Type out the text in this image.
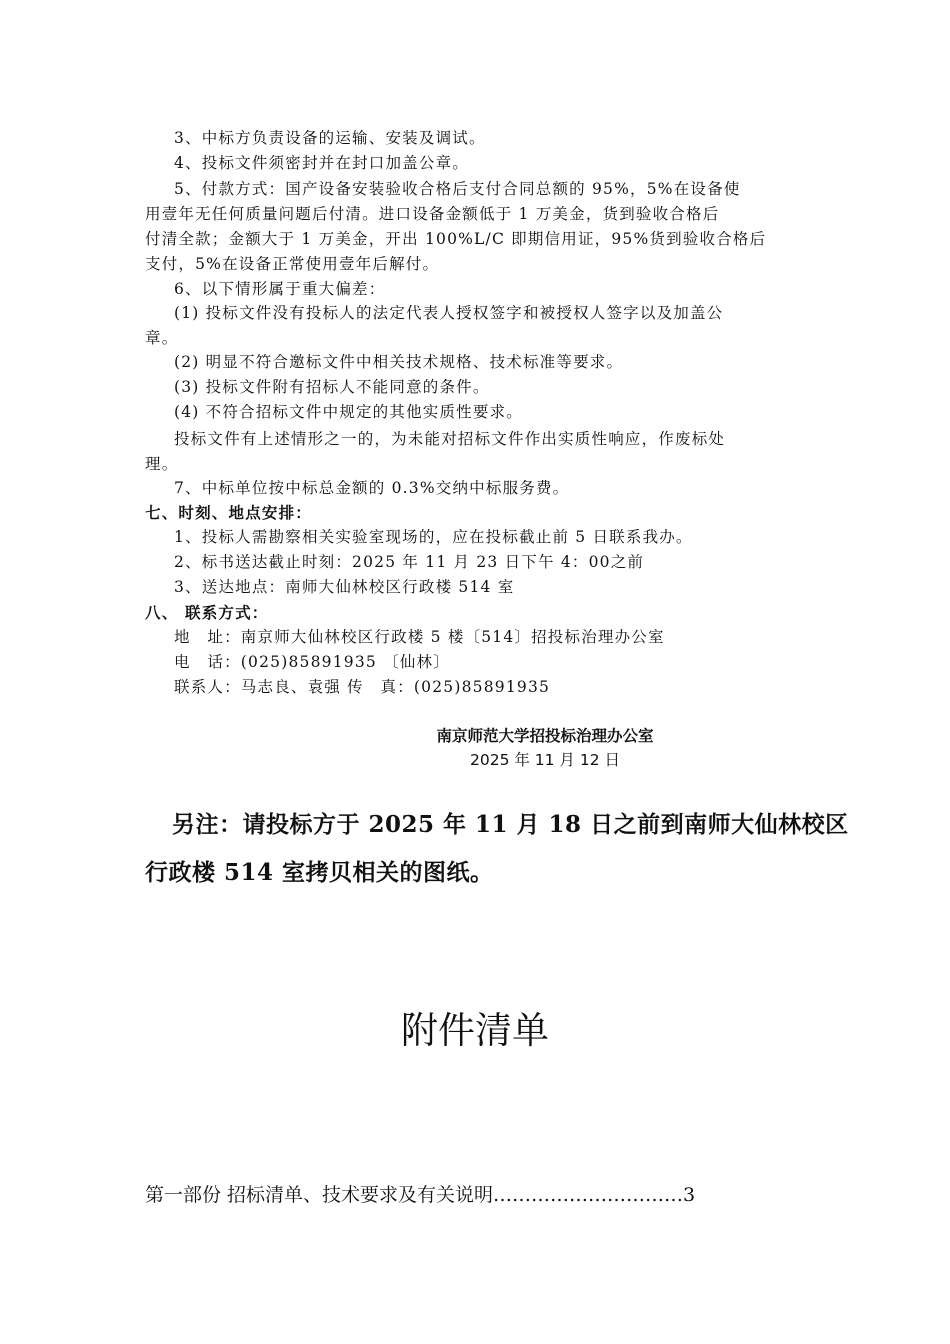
3、中标方负责设备的运输、安装及调试。
4、投标文件须密封并在封口加盖公章。
5、付款方式：国产设备安装验收合格后支付合同总额的 95%，5%在设备使
用壹年无任何质量问题后付清。进口设备金额低于 1 万美金，货到验收合格后
付清全款；金额大于 1 万美金，开出 100%L/C 即期信用证，95%货到验收合格后
支付，5%在设备正常使用壹年后解付。
6、以下情形属于重大偏差：
(1) 投标文件没有投标人的法定代表人授权签字和被授权人签字以及加盖公
章。
(2) 明显不符合邀标文件中相关技术规格、技术标准等要求。
(3) 投标文件附有招标人不能同意的条件。
(4) 不符合招标文件中规定的其他实质性要求。
投标文件有上述情形之一的，为未能对招标文件作出实质性响应，作废标处
理。
7、中标单位按中标总金额的 0.3%交纳中标服务费。
七、时刻、地点安排：
1、投标人需勘察相关实验室现场的，应在投标截止前 5 日联系我办。
2、标书送达截止时刻：2025 年 11 月 23 日下午 4：00之前
3、送达地点：南师大仙林校区行政楼 514 室
八、 联系方式：
地　址：南京师大仙林校区行政楼 5 楼〔514〕招投标治理办公室
电　话：(025)85891935 〔仙林〕
联系人：马志良、袁强 传　真：(025)85891935
南京师范大学招投标治理办公室
2025 年 11 月 12 日
另注：请投标方于 2025 年 11 月 18 日之前到南师大仙林校区
行政楼 514 室拷贝相关的图纸。
附件清单
第一部份 招标清单、技术要求及有关说明…………………………3
